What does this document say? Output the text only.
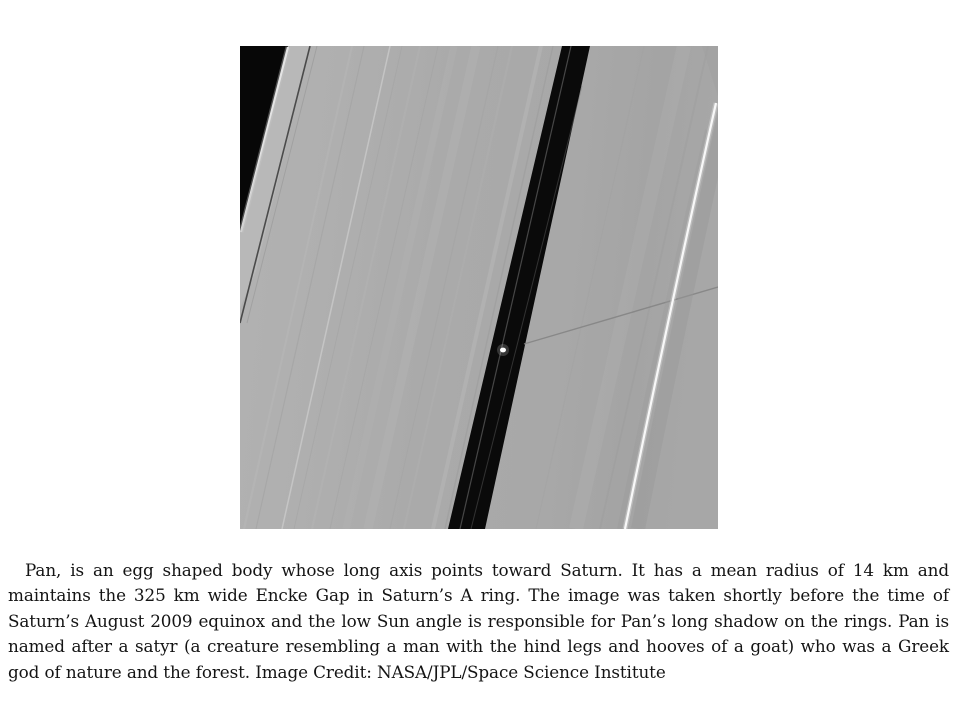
Pan, is an egg shaped body whose long axis points toward Saturn. It has a mean radius of 14 km and
maintains the 325 km wide Encke Gap in Saturn’s A ring. The image was taken shortly before the time of
Saturn’s August 2009 equinox and the low Sun angle is responsible for Pan’s long shadow on the rings. Pan is
named after a satyr (a creature resembling a man with the hind legs and hooves of a goat) who was a Greek
god of nature and the forest. Image Credit: NASA/JPL/Space Science Institute
